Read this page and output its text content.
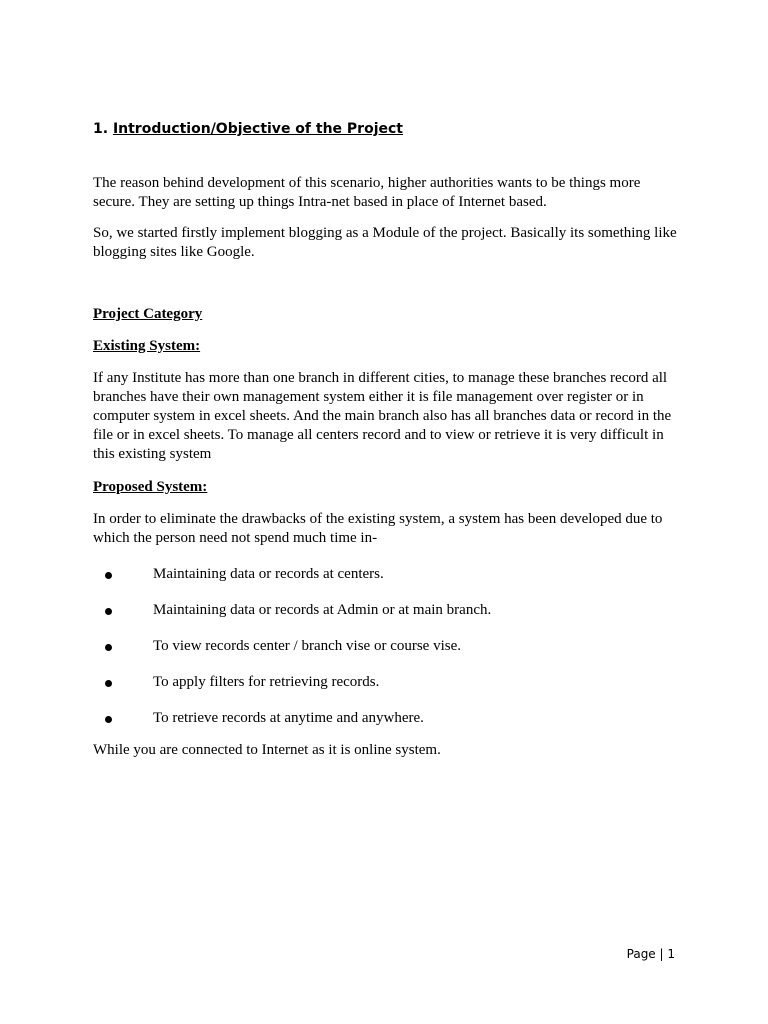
1. Introduction/Objective of the Project
The reason behind development of this scenario, higher authorities wants to be things more secure. They are setting up things Intra-net based in place of Internet based.
So, we started firstly implement blogging as a Module of the project. Basically its something like blogging sites like Google.
Project Category
Existing System:
If any Institute has more than one branch in different cities, to manage these branches record all branches have their own management system either it is file management over register or in computer system in excel sheets. And the main branch also has all branches data or record in the file or in excel sheets. To manage all centers record and to view or retrieve it is very difficult in this existing system
Proposed System:
In order to eliminate the drawbacks of the existing system, a system has been developed due to which the person need not spend much time in-
Maintaining data or records at centers.
Maintaining data or records at Admin or at main branch.
To view records center / branch vise or course vise.
To apply filters for retrieving records.
To retrieve records at anytime and anywhere.
While you are connected to Internet as it is online system.
Page | 1
